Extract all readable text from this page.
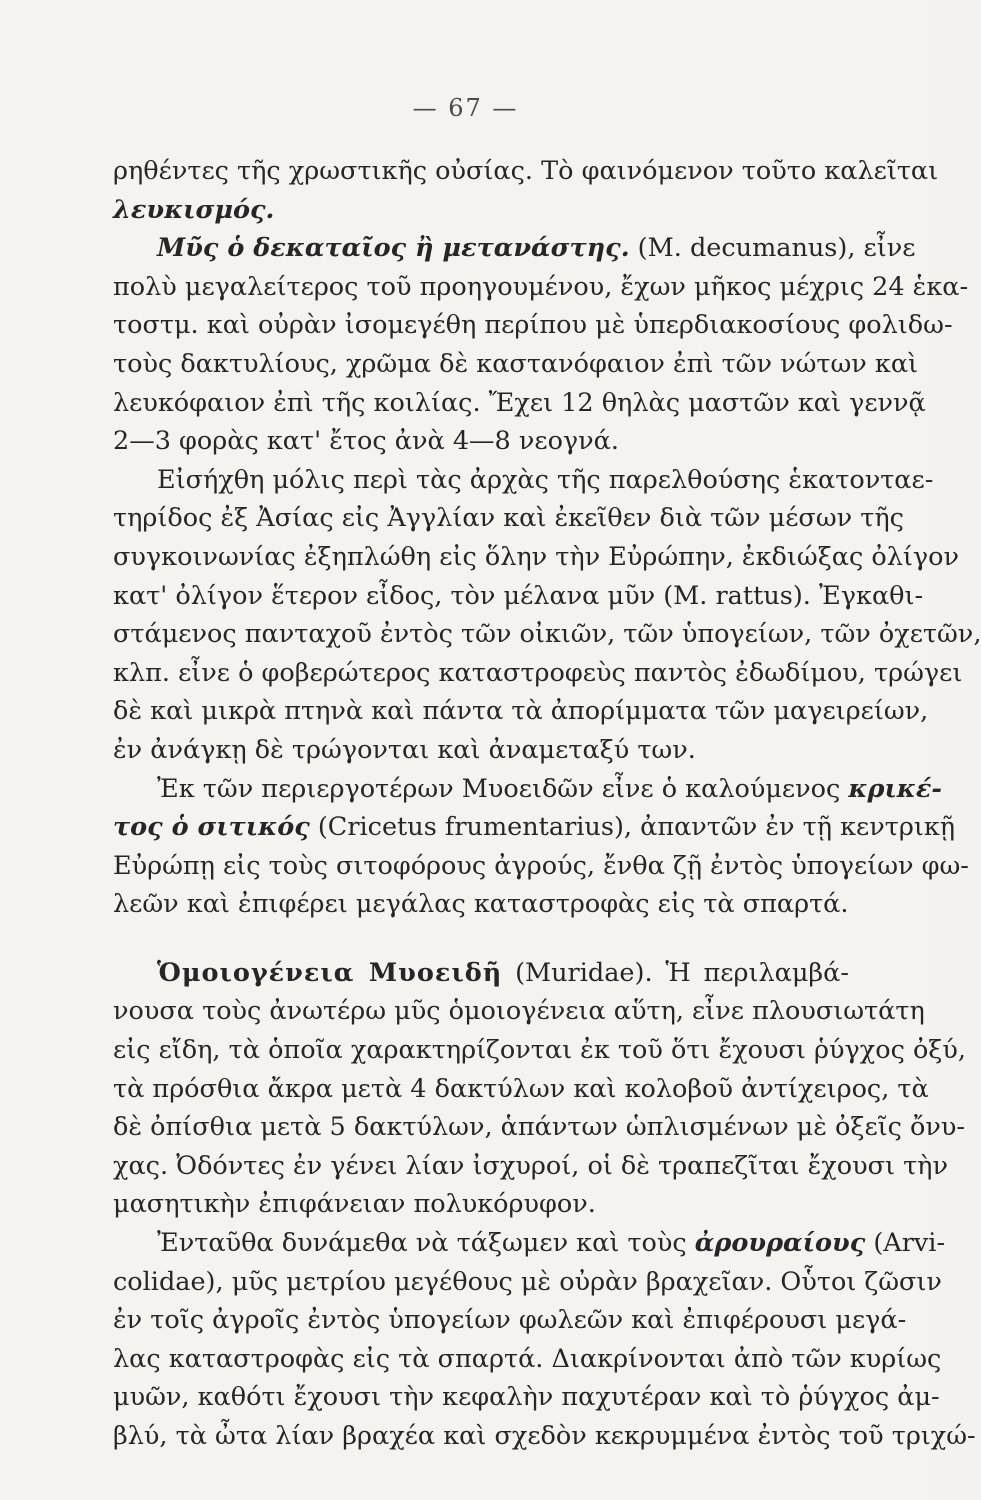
— 67 —
ρηθέντες τῆς χρωστικῆς οὐσίας. Τὸ φαινόμενον τοῦτο καλεῖται
λευκισμός.
Μῦς ὁ δεκαταῖος ἢ μετανάστης. (M. decumanus), εἶνε
πολὺ μεγαλείτερος τοῦ προηγουμένου, ἔχων μῆκος μέχρις 24 ἑκα-
τοστμ. καὶ οὐρὰν ἰσομεγέθη περίπου μὲ ὑπερδιακοσίους φολιδω-
τοὺς δακτυλίους, χρῶμα δὲ καστανόφαιον ἐπὶ τῶν νώτων καὶ
λευκόφαιον ἐπὶ τῆς κοιλίας. Ἔχει 12 θηλὰς μαστῶν καὶ γεννᾷ
2—3 φορὰς κατ' ἔτος ἀνὰ 4—8 νεογνά.
Εἰσήχθη μόλις περὶ τὰς ἀρχὰς τῆς παρελθούσης ἑκατονταε-
τηρίδος ἐξ Ἀσίας εἰς Ἀγγλίαν καὶ ἐκεῖθεν διὰ τῶν μέσων τῆς
συγκοινωνίας ἐξηπλώθη εἰς ὅλην τὴν Εὐρώπην, ἐκδιώξας ὀλίγον
κατ' ὀλίγον ἕτερον εἶδος, τὸν μέλανα μῦν (M. rattus). Ἐγκαθι-
στάμενος πανταχοῦ ἐντὸς τῶν οἰκιῶν, τῶν ὑπογείων, τῶν ὀχετῶν,
κλπ. εἶνε ὁ φοβερώτερος καταστροφεὺς παντὸς ἐδωδίμου, τρώγει
δὲ καὶ μικρὰ πτηνὰ καὶ πάντα τὰ ἀπορίμματα τῶν μαγειρείων,
ἐν ἀνάγκῃ δὲ τρώγονται καὶ ἀναμεταξύ των.
Ἐκ τῶν περιεργοτέρων Μυοειδῶν εἶνε ὁ καλούμενος κρικέ-
τος ὁ σιτικός (Cricetus frumentarius), ἀπαντῶν ἐν τῇ κεντρικῇ
Εὐρώπῃ εἰς τοὺς σιτοφόρους ἀγρούς, ἔνθα ζῇ ἐντὸς ὑπογείων φω-
λεῶν καὶ ἐπιφέρει μεγάλας καταστροφὰς εἰς τὰ σπαρτά.
Ὁμοιογένεια Μυοειδῆ (Muridae). Ἡ περιλαμβά-
νουσα τοὺς ἀνωτέρω μῦς ὁμοιογένεια αὕτη, εἶνε πλουσιωτάτη
εἰς εἴδη, τὰ ὁποῖα χαρακτηρίζονται ἐκ τοῦ ὅτι ἔχουσι ῥύγχος ὀξύ,
τὰ πρόσθια ἄκρα μετὰ 4 δακτύλων καὶ κολοβοῦ ἀντίχειρος, τὰ
δὲ ὀπίσθια μετὰ 5 δακτύλων, ἁπάντων ὡπλισμένων μὲ ὀξεῖς ὄνυ-
χας. Ὀδόντες ἐν γένει λίαν ἰσχυροί, οἱ δὲ τραπεζῖται ἔχουσι τὴν
μασητικὴν ἐπιφάνειαν πολυκόρυφον.
Ἐνταῦθα δυνάμεθα νὰ τάξωμεν καὶ τοὺς ἀρουραίους (Arvi-
colidae), μῦς μετρίου μεγέθους μὲ οὐρὰν βραχεῖαν. Οὗτοι ζῶσιν
ἐν τοῖς ἀγροῖς ἐντὸς ὑπογείων φωλεῶν καὶ ἐπιφέρουσι μεγά-
λας καταστροφὰς εἰς τὰ σπαρτά. Διακρίνονται ἀπὸ τῶν κυρίως
μυῶν, καθότι ἔχουσι τὴν κεφαλὴν παχυτέραν καὶ τὸ ῥύγχος ἀμ-
βλύ, τὰ ὦτα λίαν βραχέα καὶ σχεδὸν κεκρυμμένα ἐντὸς τοῦ τριχώ-
